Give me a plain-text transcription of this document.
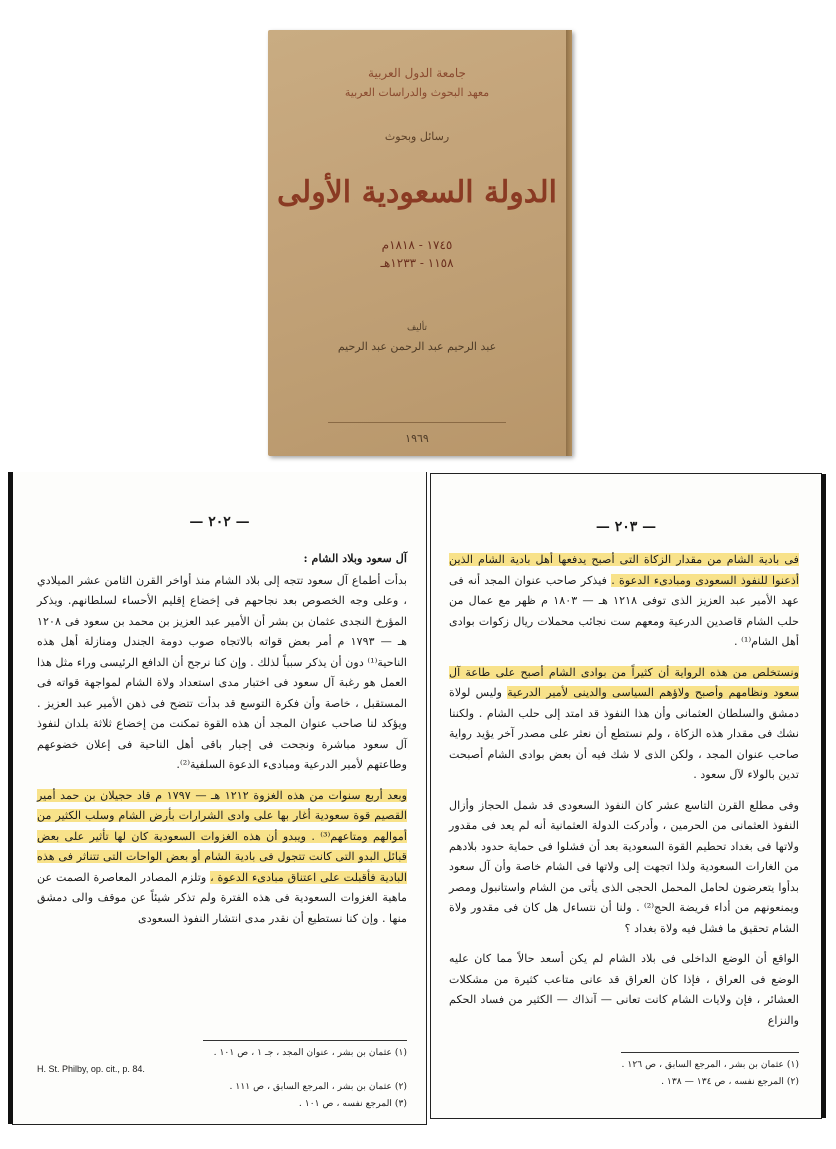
جامعة الدول العربية
معهد البحوث والدراسات العربية
رسائل وبحوث
الدولة السعودية الأولى
١٧٤٥ - ١٨١٨م
١١٥٨ - ١٢٣٣هـ
تأليف
عبد الرحيم عبد الرحمن عبد الرحيم
١٩٦٩
— ٢٠٢ —

آل سعود وبلاد الشام :

بدأت أطماع آل سعود تتجه إلى بلاد الشام منذ أواخر القرن الثامن عشر الميلادي ، وعلى وجه الخصوص بعد نجاحهم فى إخضاع إقليم الأحساء لسلطانهم. ويذكر المؤرخ النجدى عثمان بن بشر أن الأمير عبد العزيز بن محمد بن سعود فى ١٢٠٨ هـ — ١٧٩٣ م أمر بعض قواته بالاتجاه صوب دومة الجندل ومنازلة أهل هذه الناحية⁽¹⁾ دون أن يذكر سبباً لذلك . وإن كنا نرجح أن الدافع الرئيسى وراء مثل هذا العمل هو رغبة آل سعود فى اختبار مدى استعداد ولاة الشام لمواجهة قواته فى المستقبل ، خاصة وأن فكرة التوسع قد بدأت تتضح فى ذهن الأمير عبد العزيز . ويؤكد لنا صاحب عنوان المجد أن هذه القوة تمكنت من إخضاع ثلاثة بلدان لنفوذ آل سعود مباشرة ونجحت فى إجبار باقى أهل الناحية فى إعلان خضوعهم وطاعتهم لأمير الدرعية ومبادىء الدعوة السلفية⁽²⁾.

وبعد أربع سنوات من هذه الغزوة ١٢١٢ هـ — ١٧٩٧ م قاد حجيلان بن حمد أمير القصيم قوة سعودية أغار بها على وادى الشرارات بأرض الشام وسلب الكثير من أموالهم ومتاعهم⁽³⁾ . ويبدو أن هذه الغزوات السعودية كان لها تأثير على بعض قبائل البدو التى كانت تتجول فى بادية الشام أو بعض الواحات التى تتناثر فى هذه البادية فأقبلت على اعتناق مبادىء الدعوة ، وتلزم المصادر المعاصرة الصمت عن ماهية الغزوات السعودية فى هذه الفترة ولم تذكر شيئاً عن موقف والى دمشق منها . وإن كنا نستطيع أن نقدر مدى انتشار النفوذ السعودى

(١) عثمان بن بشر ، عنوان المجد ، جـ ١ ، ص ١٠١ .
H. St. Philby, op. cit., p. 84.
(٢) عثمان بن بشر ، المرجع السابق ، ص ١١١ .
(٣) المرجع نفسه ، ص ١٠١ .
— ٢٠٣ —

فى بادية الشام من مقدار الزكاة التى أصبح يدفعها أهل بادية الشام الذين أذعنوا للنفوذ السعودى ومبادىء الدعوة . فيذكر صاحب عنوان المجد أنه فى عهد الأمير عبد العزيز الذى توفى ١٢١٨ هـ — ١٨٠٣ م ظهر مع عمال من حلب الشام قاصدين الدرعية ومعهم ست نجائب محملات ريال زكوات بوادى أهل الشام⁽¹⁾ .

ونستخلص من هذه الرواية أن كثيراً من بوادى الشام أصبح على طاعة آل سعود ونظامهم وأصبح ولاؤهم السياسى والدينى لأمير الدرعية وليس لولاة دمشق والسلطان العثمانى وأن هذا النفوذ قد امتد إلى حلب الشام . ولكننا نشك فى مقدار هذه الزكاة ، ولم نستطع أن نعثر على مصدر آخر يؤيد رواية صاحب عنوان المجد ، ولكن الذى لا شك فيه أن بعض بوادى الشام أصبحت تدين بالولاء لآل سعود .

وفى مطلع القرن التاسع عشر كان النفوذ السعودى قد شمل الحجاز وأزال النفوذ العثمانى من الحرمين ، وأدركت الدولة العثمانية أنه لم يعد فى مقدور ولاتها فى بغداد تحطيم القوة السعودية بعد أن فشلوا فى حماية حدود بلادهم من الغارات السعودية ولذا اتجهت إلى ولاتها فى الشام خاصة وأن آل سعود بدأوا يتعرضون لحامل المحمل الحجى الذى يأتى من الشام واستانبول ومصر ويمنعونهم من أداء فريضة الحج⁽²⁾ . ولنا أن نتساءل هل كان فى مقدور ولاة الشام تحقيق ما فشل فيه ولاة بغداد ؟

الواقع أن الوضع الداخلى فى بلاد الشام لم يكن أسعد حالاً مما كان عليه الوضع فى العراق ، فإذا كان العراق قد عانى متاعب كثيرة من مشكلات العشائر ، فإن ولايات الشام كانت تعانى — آنذاك — الكثير من فساد الحكم والنزاع

(١) عثمان بن بشر ، المرجع السابق ، ص ١٢٦ .
(٢) المرجع نفسه ، ص ١٣٤ — ١٣٨ .
